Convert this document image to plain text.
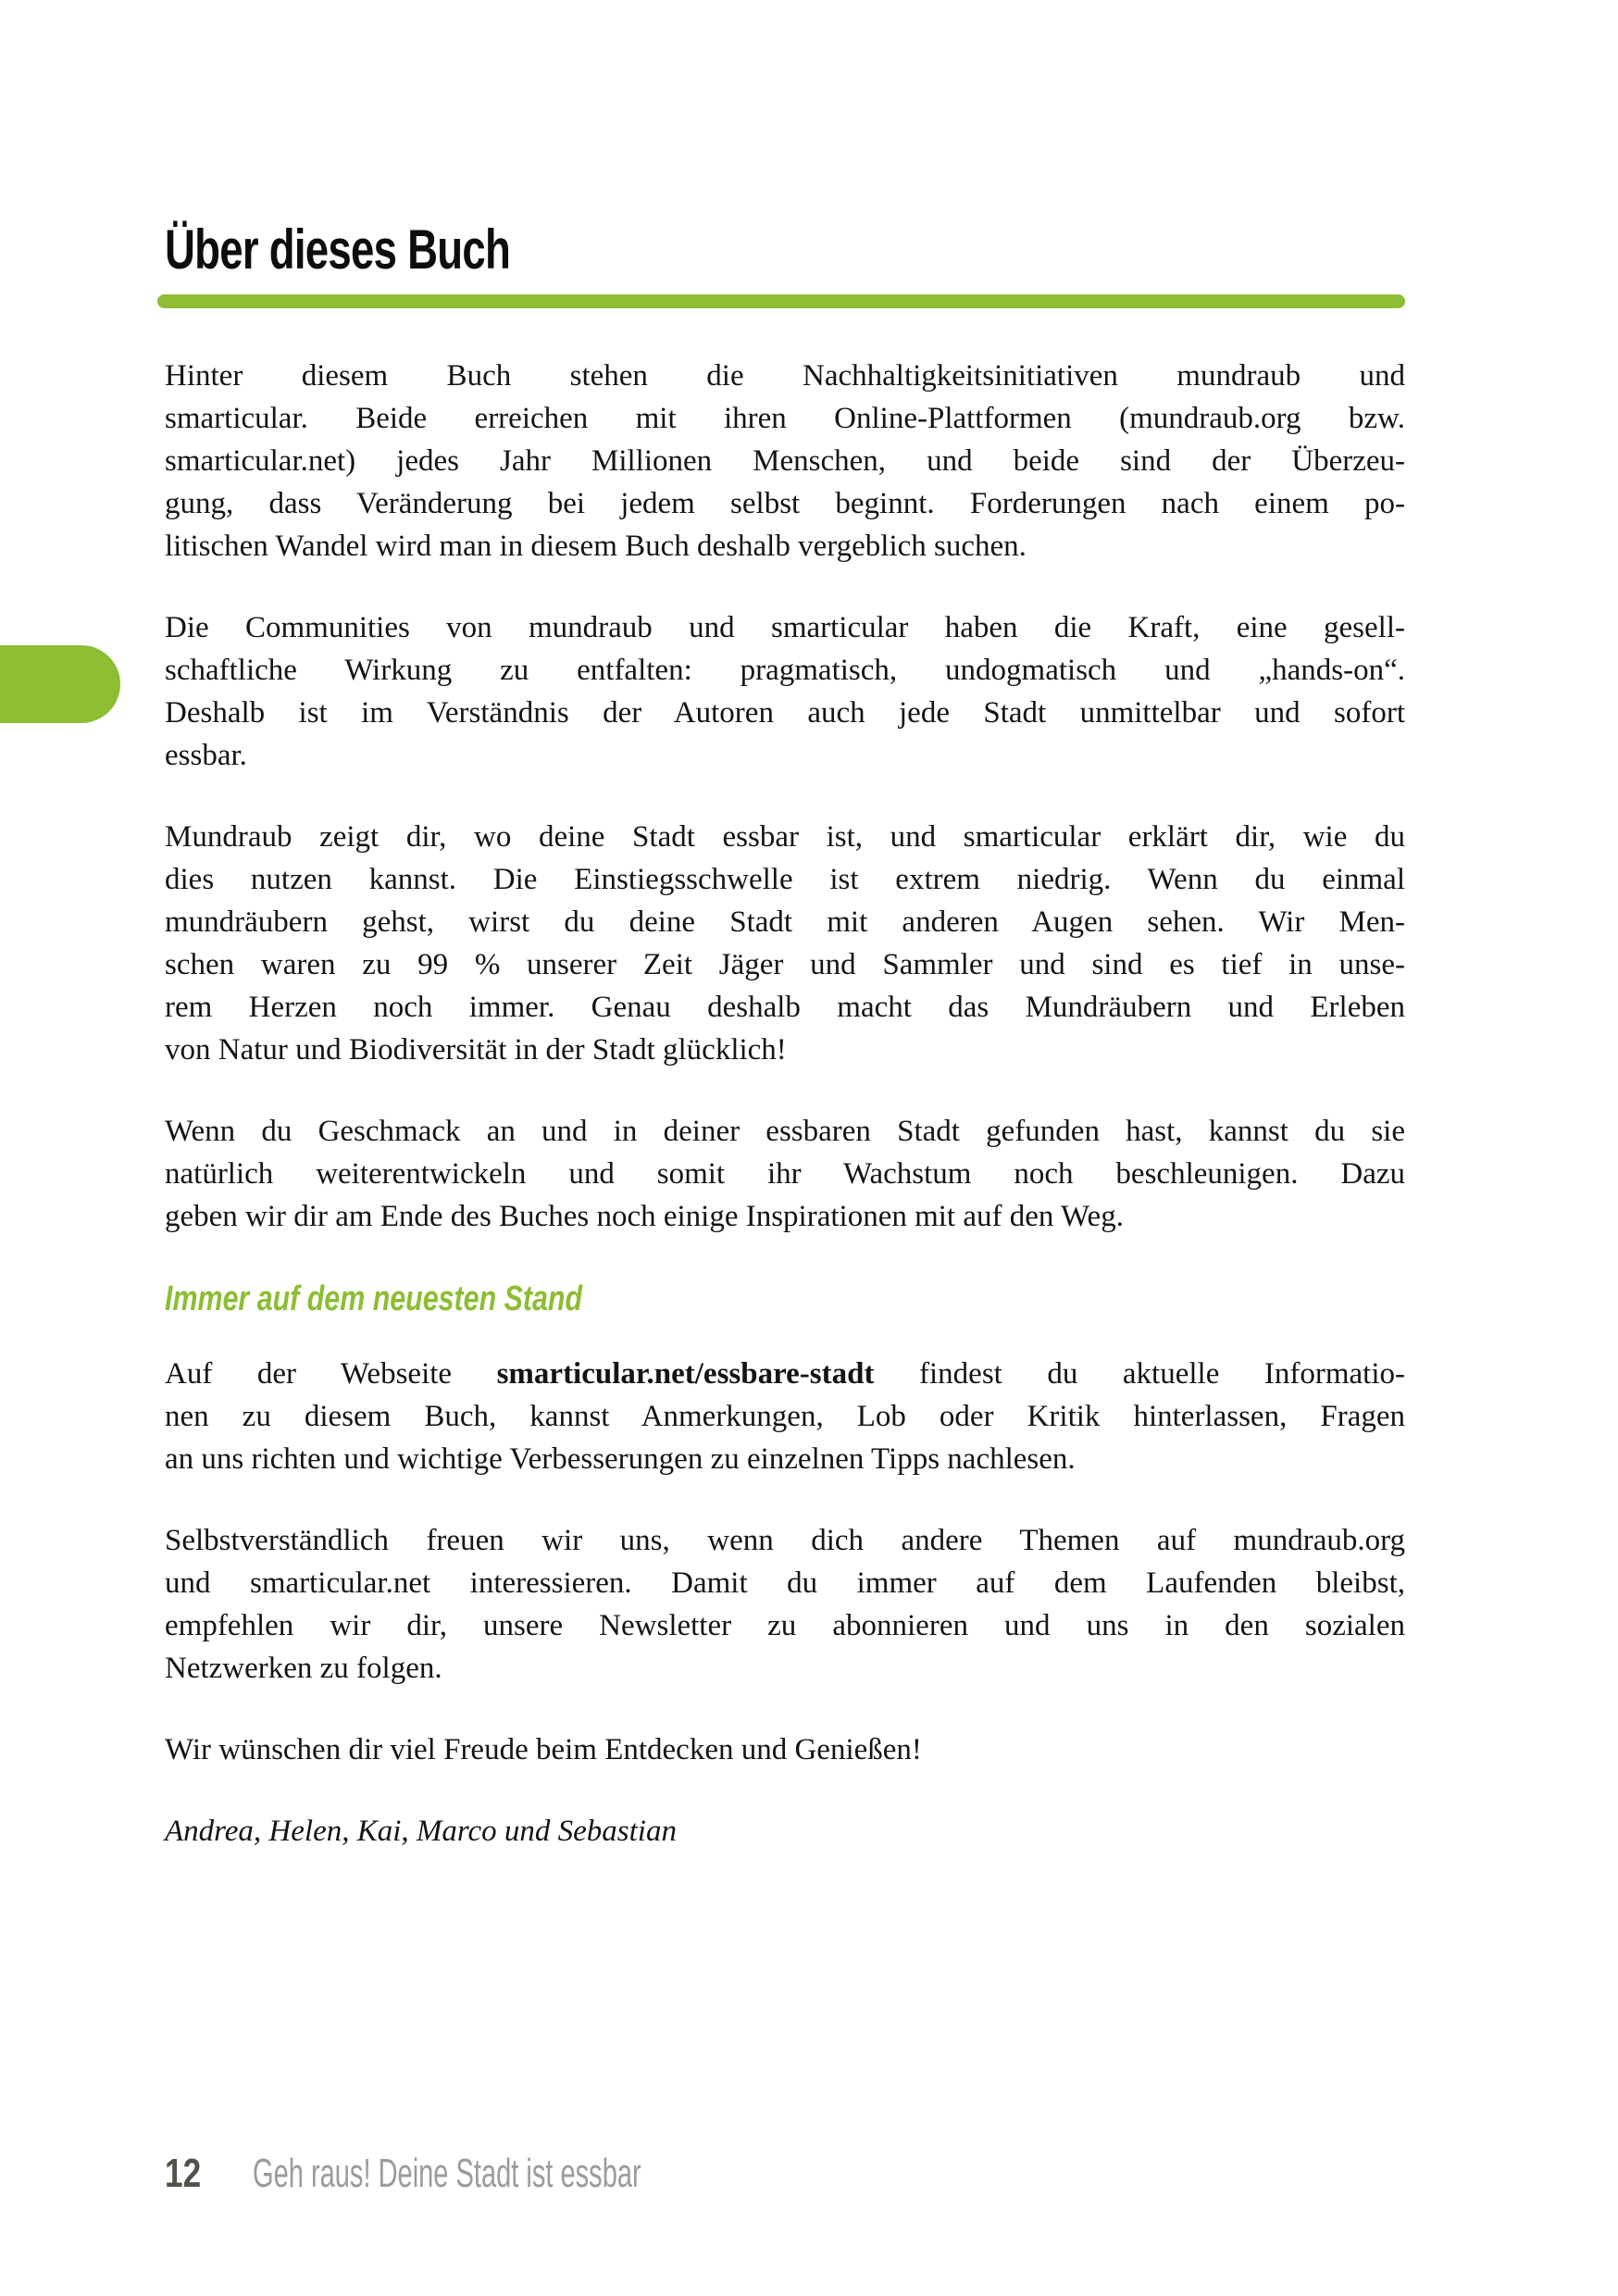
Über dieses Buch

Hinter diesem Buch stehen die Nachhaltigkeitsinitiativen mundraub und
smarticular. Beide erreichen mit ihren Online-Plattformen (mundraub.org bzw.
smarticular.net) jedes Jahr Millionen Menschen, und beide sind der Überzeu-
gung, dass Veränderung bei jedem selbst beginnt. Forderungen nach einem po-
litischen Wandel wird man in diesem Buch deshalb vergeblich suchen.

Die Communities von mundraub und smarticular haben die Kraft, eine gesell-
schaftliche Wirkung zu entfalten: pragmatisch, undogmatisch und „hands-on“.
Deshalb ist im Verständnis der Autoren auch jede Stadt unmittelbar und sofort
essbar.

Mundraub zeigt dir, wo deine Stadt essbar ist, und smarticular erklärt dir, wie du
dies nutzen kannst. Die Einstiegsschwelle ist extrem niedrig. Wenn du einmal
mundräubern gehst, wirst du deine Stadt mit anderen Augen sehen. Wir Men-
schen waren zu 99 % unserer Zeit Jäger und Sammler und sind es tief in unse-
rem Herzen noch immer. Genau deshalb macht das Mundräubern und Erleben
von Natur und Biodiversität in der Stadt glücklich!

Wenn du Geschmack an und in deiner essbaren Stadt gefunden hast, kannst du sie
natürlich weiterentwickeln und somit ihr Wachstum noch beschleunigen. Dazu
geben wir dir am Ende des Buches noch einige Inspirationen mit auf den Weg.

Immer auf dem neuesten Stand

Auf der Webseite smarticular.net/essbare-stadt findest du aktuelle Informatio-
nen zu diesem Buch, kannst Anmerkungen, Lob oder Kritik hinterlassen, Fragen
an uns richten und wichtige Verbesserungen zu einzelnen Tipps nachlesen.

Selbstverständlich freuen wir uns, wenn dich andere Themen auf mundraub.org
und smarticular.net interessieren. Damit du immer auf dem Laufenden bleibst,
empfehlen wir dir, unsere Newsletter zu abonnieren und uns in den sozialen
Netzwerken zu folgen.

Wir wünschen dir viel Freude beim Entdecken und Genießen!

Andrea, Helen, Kai, Marco und Sebastian

12 Geh raus! Deine Stadt ist essbar
